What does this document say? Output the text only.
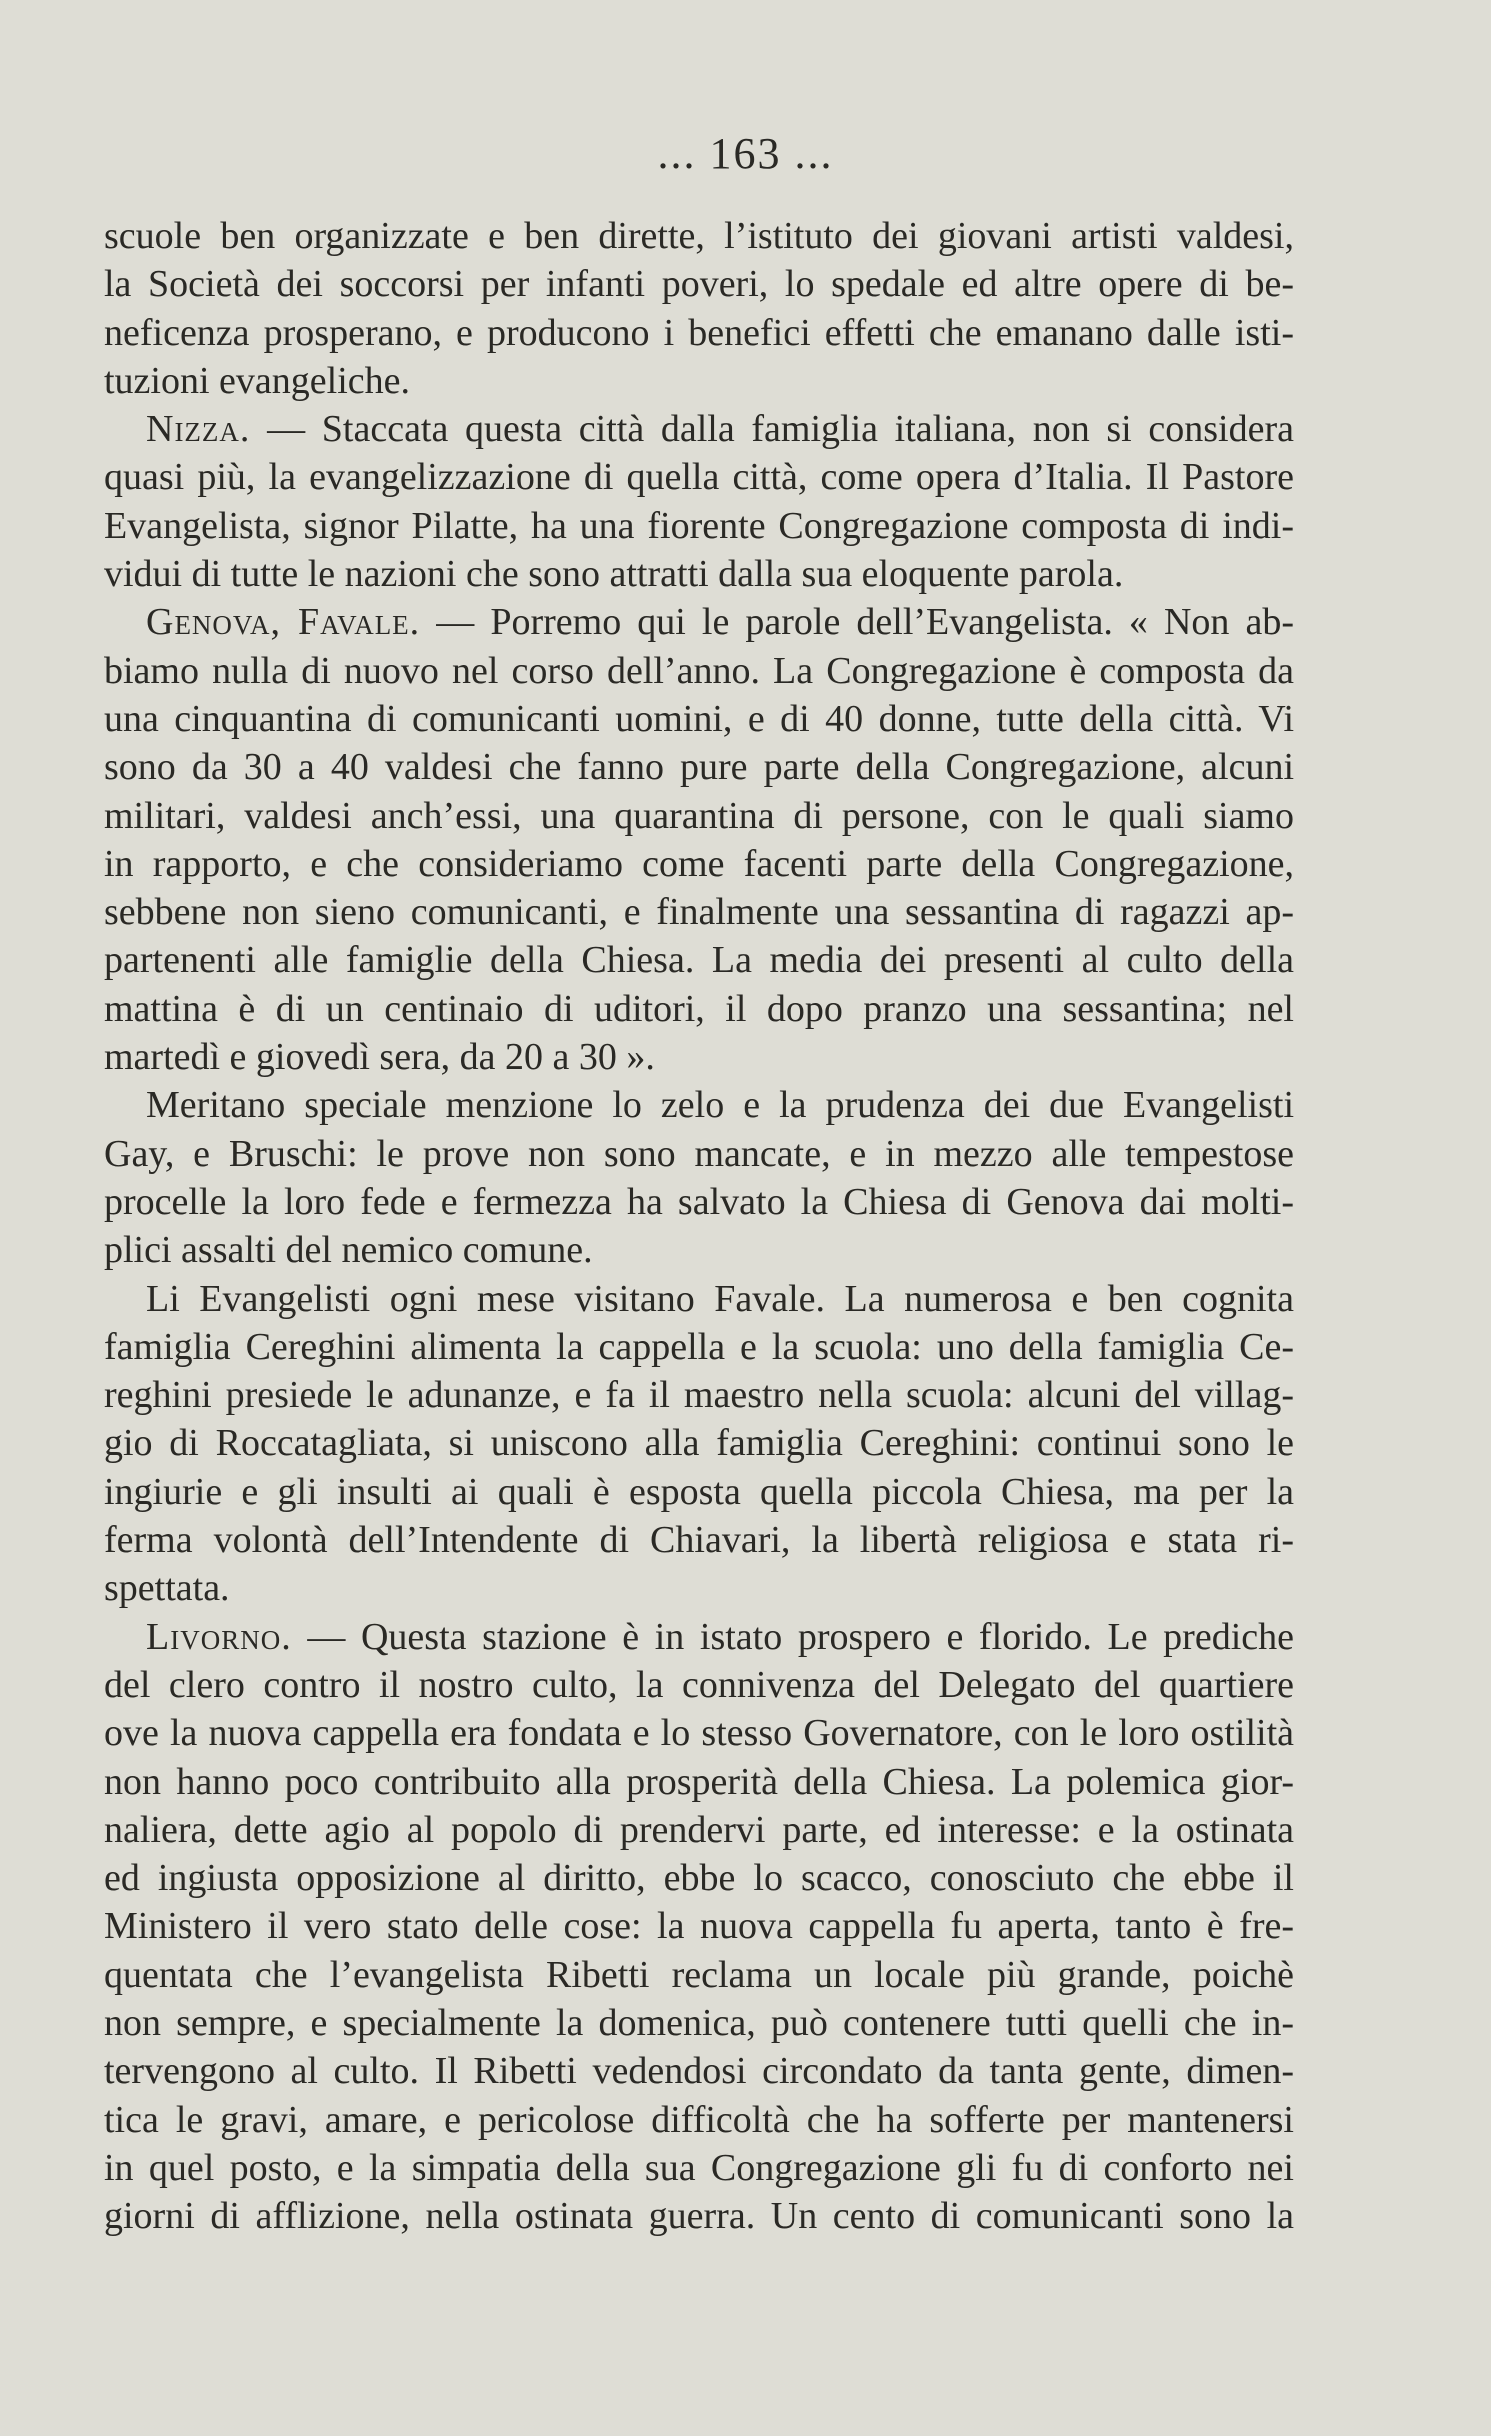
... 163 ...
scuole ben organizzate e ben dirette, l’istituto dei giovani artisti valdesi,
la Società dei soccorsi per infanti poveri, lo spedale ed altre opere di be-
neficenza prosperano, e producono i benefici effetti che emanano dalle isti-
tuzioni evangeliche.
Nizza. — Staccata questa città dalla famiglia italiana, non si considera
quasi più, la evangelizzazione di quella città, come opera d’Italia. Il Pastore
Evangelista, signor Pilatte, ha una fiorente Congregazione composta di indi-
vidui di tutte le nazioni che sono attratti dalla sua eloquente parola.
Genova, Favale. — Porremo qui le parole dell’Evangelista. « Non ab-
biamo nulla di nuovo nel corso dell’anno. La Congregazione è composta da
una cinquantina di comunicanti uomini, e di 40 donne, tutte della città. Vi
sono da 30 a 40 valdesi che fanno pure parte della Congregazione, alcuni
militari, valdesi anch’essi, una quarantina di persone, con le quali siamo
in rapporto, e che consideriamo come facenti parte della Congregazione,
sebbene non sieno comunicanti, e finalmente una sessantina di ragazzi ap-
partenenti alle famiglie della Chiesa. La media dei presenti al culto della
mattina è di un centinaio di uditori, il dopo pranzo una sessantina; nel
martedì e giovedì sera, da 20 a 30 ».
Meritano speciale menzione lo zelo e la prudenza dei due Evangelisti
Gay, e Bruschi: le prove non sono mancate, e in mezzo alle tempestose
procelle la loro fede e fermezza ha salvato la Chiesa di Genova dai molti-
plici assalti del nemico comune.
Li Evangelisti ogni mese visitano Favale. La numerosa e ben cognita
famiglia Cereghini alimenta la cappella e la scuola: uno della famiglia Ce-
reghini presiede le adunanze, e fa il maestro nella scuola: alcuni del villag-
gio di Roccatagliata, si uniscono alla famiglia Cereghini: continui sono le
ingiurie e gli insulti ai quali è esposta quella piccola Chiesa, ma per la
ferma volontà dell’Intendente di Chiavari, la libertà religiosa e stata ri-
spettata.
Livorno. — Questa stazione è in istato prospero e florido. Le prediche
del clero contro il nostro culto, la connivenza del Delegato del quartiere
ove la nuova cappella era fondata e lo stesso Governatore, con le loro ostilità
non hanno poco contribuito alla prosperità della Chiesa. La polemica gior-
naliera, dette agio al popolo di prendervi parte, ed interesse: e la ostinata
ed ingiusta opposizione al diritto, ebbe lo scacco, conosciuto che ebbe il
Ministero il vero stato delle cose: la nuova cappella fu aperta, tanto è fre-
quentata che l’evangelista Ribetti reclama un locale più grande, poichè
non sempre, e specialmente la domenica, può contenere tutti quelli che in-
tervengono al culto. Il Ribetti vedendosi circondato da tanta gente, dimen-
tica le gravi, amare, e pericolose difficoltà che ha sofferte per mantenersi
in quel posto, e la simpatia della sua Congregazione gli fu di conforto nei
giorni di afflizione, nella ostinata guerra. Un cento di comunicanti sono la
